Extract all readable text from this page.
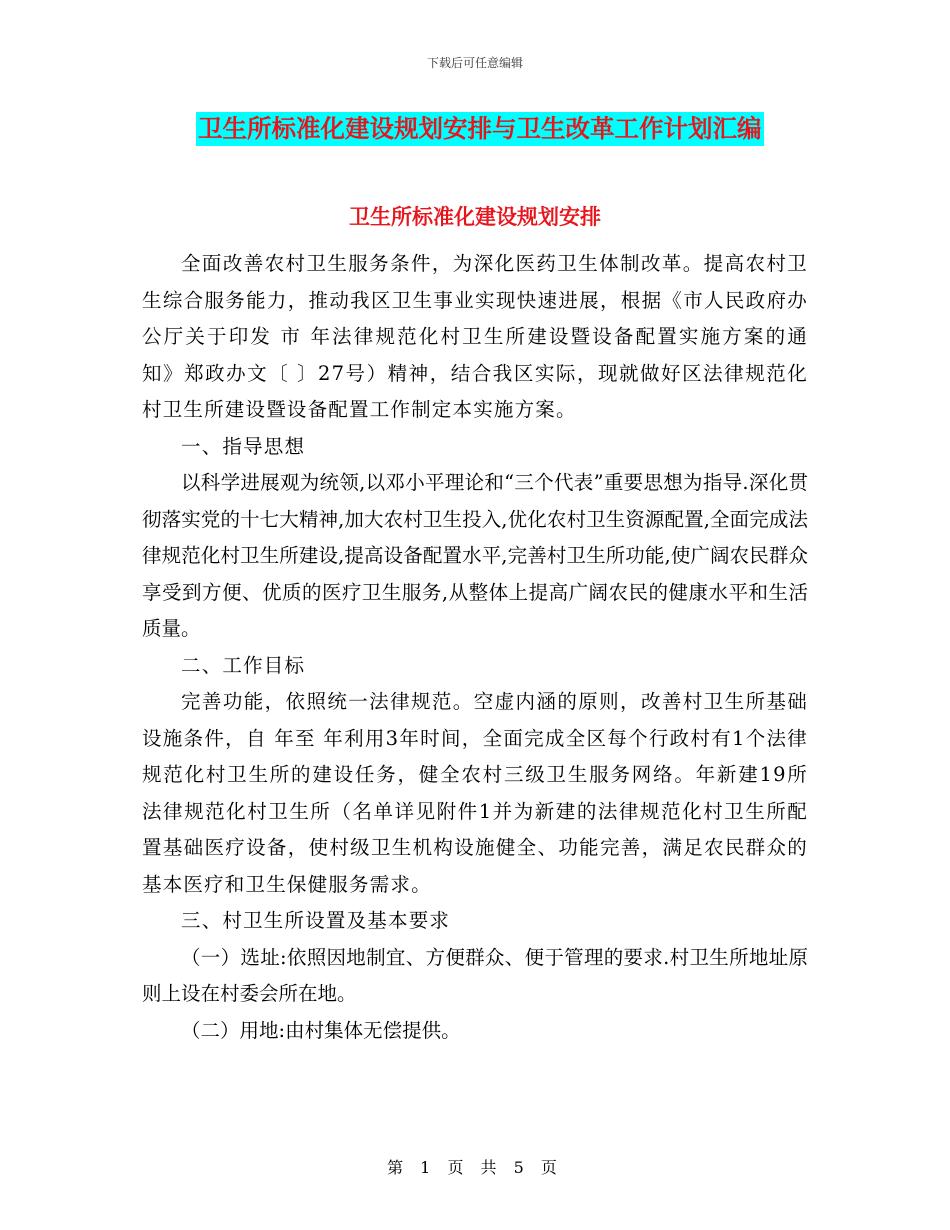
下载后可任意编辑
卫生所标准化建设规划安排与卫生改革工作计划汇编
卫生所标准化建设规划安排

全面改善农村卫生服务条件，为深化医药卫生体制改革。提高农村卫生综合服务能力，推动我区卫生事业实现快速进展，根据《市人民政府办公厅关于印发 市 年法律规范化村卫生所建设暨设备配置实施方案的通知》郑政办文〔 〕27号）精神，结合我区实际，现就做好区法律规范化村卫生所建设暨设备配置工作制定本实施方案。

一、指导思想

以科学进展观为统领,以邓小平理论和“三个代表”重要思想为指导.深化贯彻落实党的十七大精神,加大农村卫生投入,优化农村卫生资源配置,全面完成法律规范化村卫生所建设,提高设备配置水平,完善村卫生所功能,使广阔农民群众享受到方便、优质的医疗卫生服务,从整体上提高广阔农民的健康水平和生活质量。

二、工作目标

完善功能，依照统一法律规范。空虚内涵的原则，改善村卫生所基础设施条件，自 年至 年利用3年时间，全面完成全区每个行政村有1个法律规范化村卫生所的建设任务，健全农村三级卫生服务网络。年新建19所法律规范化村卫生所（名单详见附件1并为新建的法律规范化村卫生所配置基础医疗设备，使村级卫生机构设施健全、功能完善，满足农民群众的基本医疗和卫生保健服务需求。

三、村卫生所设置及基本要求

（一）选址:依照因地制宜、方便群众、便于管理的要求.村卫生所地址原则上设在村委会所在地。

（二）用地:由村集体无偿提供。

第 1 页 共 5 页
